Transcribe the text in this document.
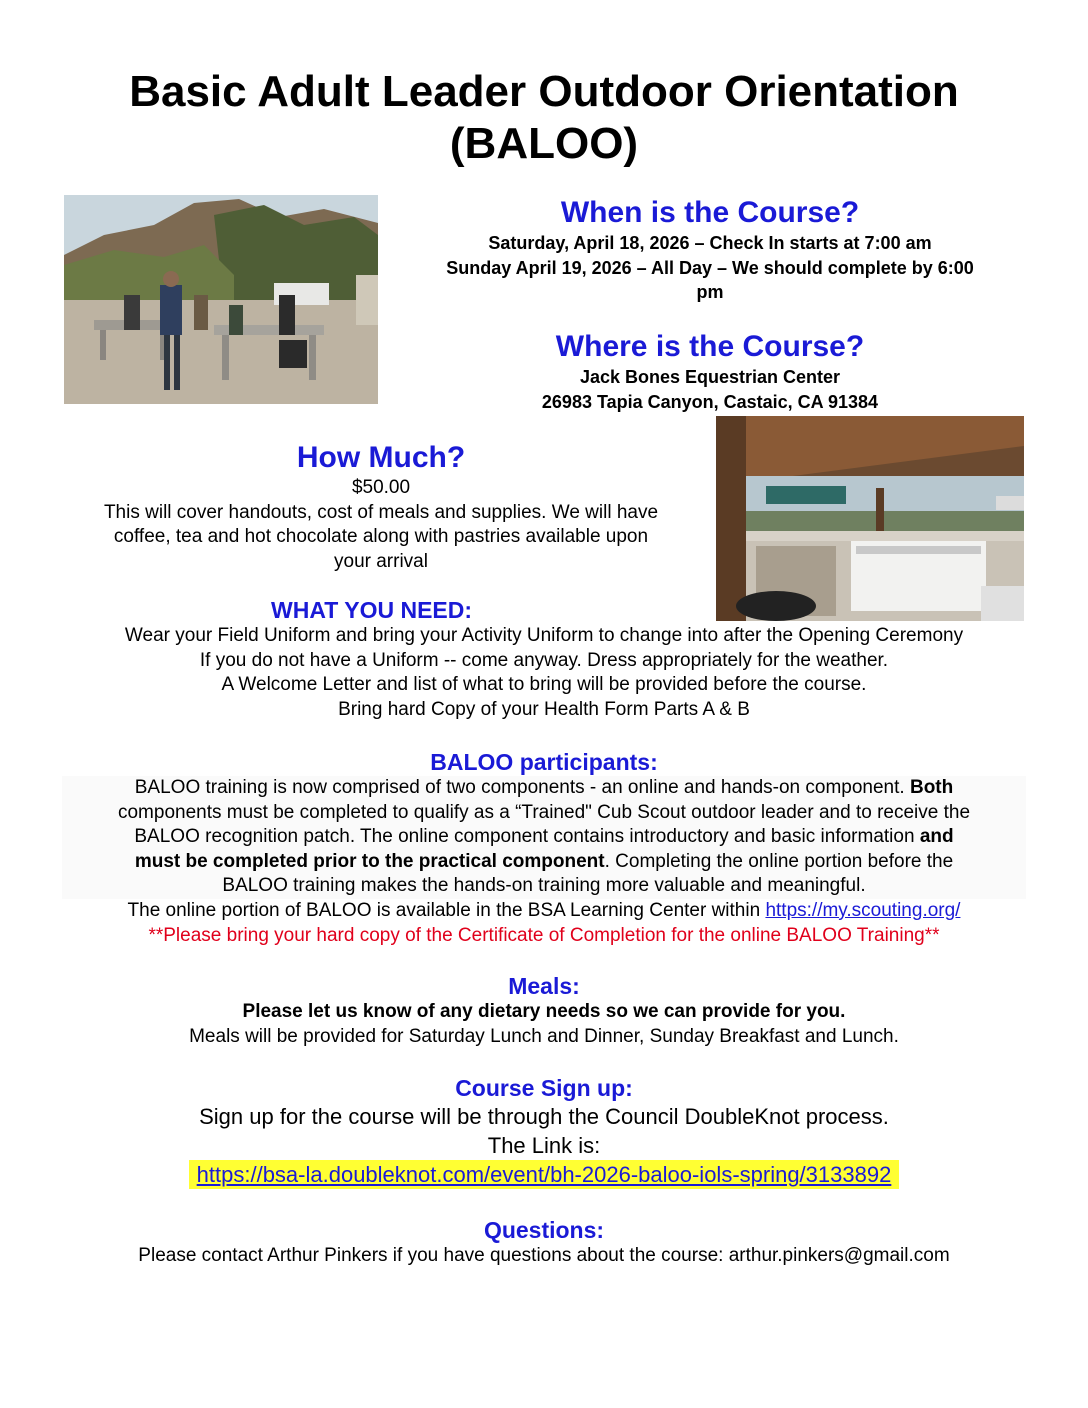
Basic Adult Leader Outdoor Orientation
(BALOO)
When is the Course?
Saturday, April 18, 2026 – Check In starts at 7:00 am
Sunday April 19, 2026 – All Day – We should complete by 6:00
pm
Where is the Course?
Jack Bones Equestrian Center
26983 Tapia Canyon, Castaic, CA 91384
How Much?
$50.00
This will cover handouts, cost of meals and supplies. We will have
coffee, tea and hot chocolate along with pastries available upon
your arrival
WHAT YOU NEED:
Wear your Field Uniform and bring your Activity Uniform to change into after the Opening Ceremony
If you do not have a Uniform -- come anyway. Dress appropriately for the weather.
A Welcome Letter and list of what to bring will be provided before the course.
Bring hard Copy of your Health Form Parts A & B
BALOO participants:
BALOO training is now comprised of two components - an online and hands-on component. Both
components must be completed to qualify as a “Trained" Cub Scout outdoor leader and to receive the
BALOO recognition patch. The online component contains introductory and basic information and
must be completed prior to the practical component. Completing the online portion before the
BALOO training makes the hands-on training more valuable and meaningful.
The online portion of BALOO is available in the BSA Learning Center within https://my.scouting.org/
**Please bring your hard copy of the Certificate of Completion for the online BALOO Training**
Meals:
Please let us know of any dietary needs so we can provide for you.
Meals will be provided for Saturday Lunch and Dinner, Sunday Breakfast and Lunch.
Course Sign up:
Sign up for the course will be through the Council DoubleKnot process.
The Link is:
https://bsa-la.doubleknot.com/event/bh-2026-baloo-iols-spring/3133892
Questions:
Please contact Arthur Pinkers if you have questions about the course: arthur.pinkers@gmail.com
